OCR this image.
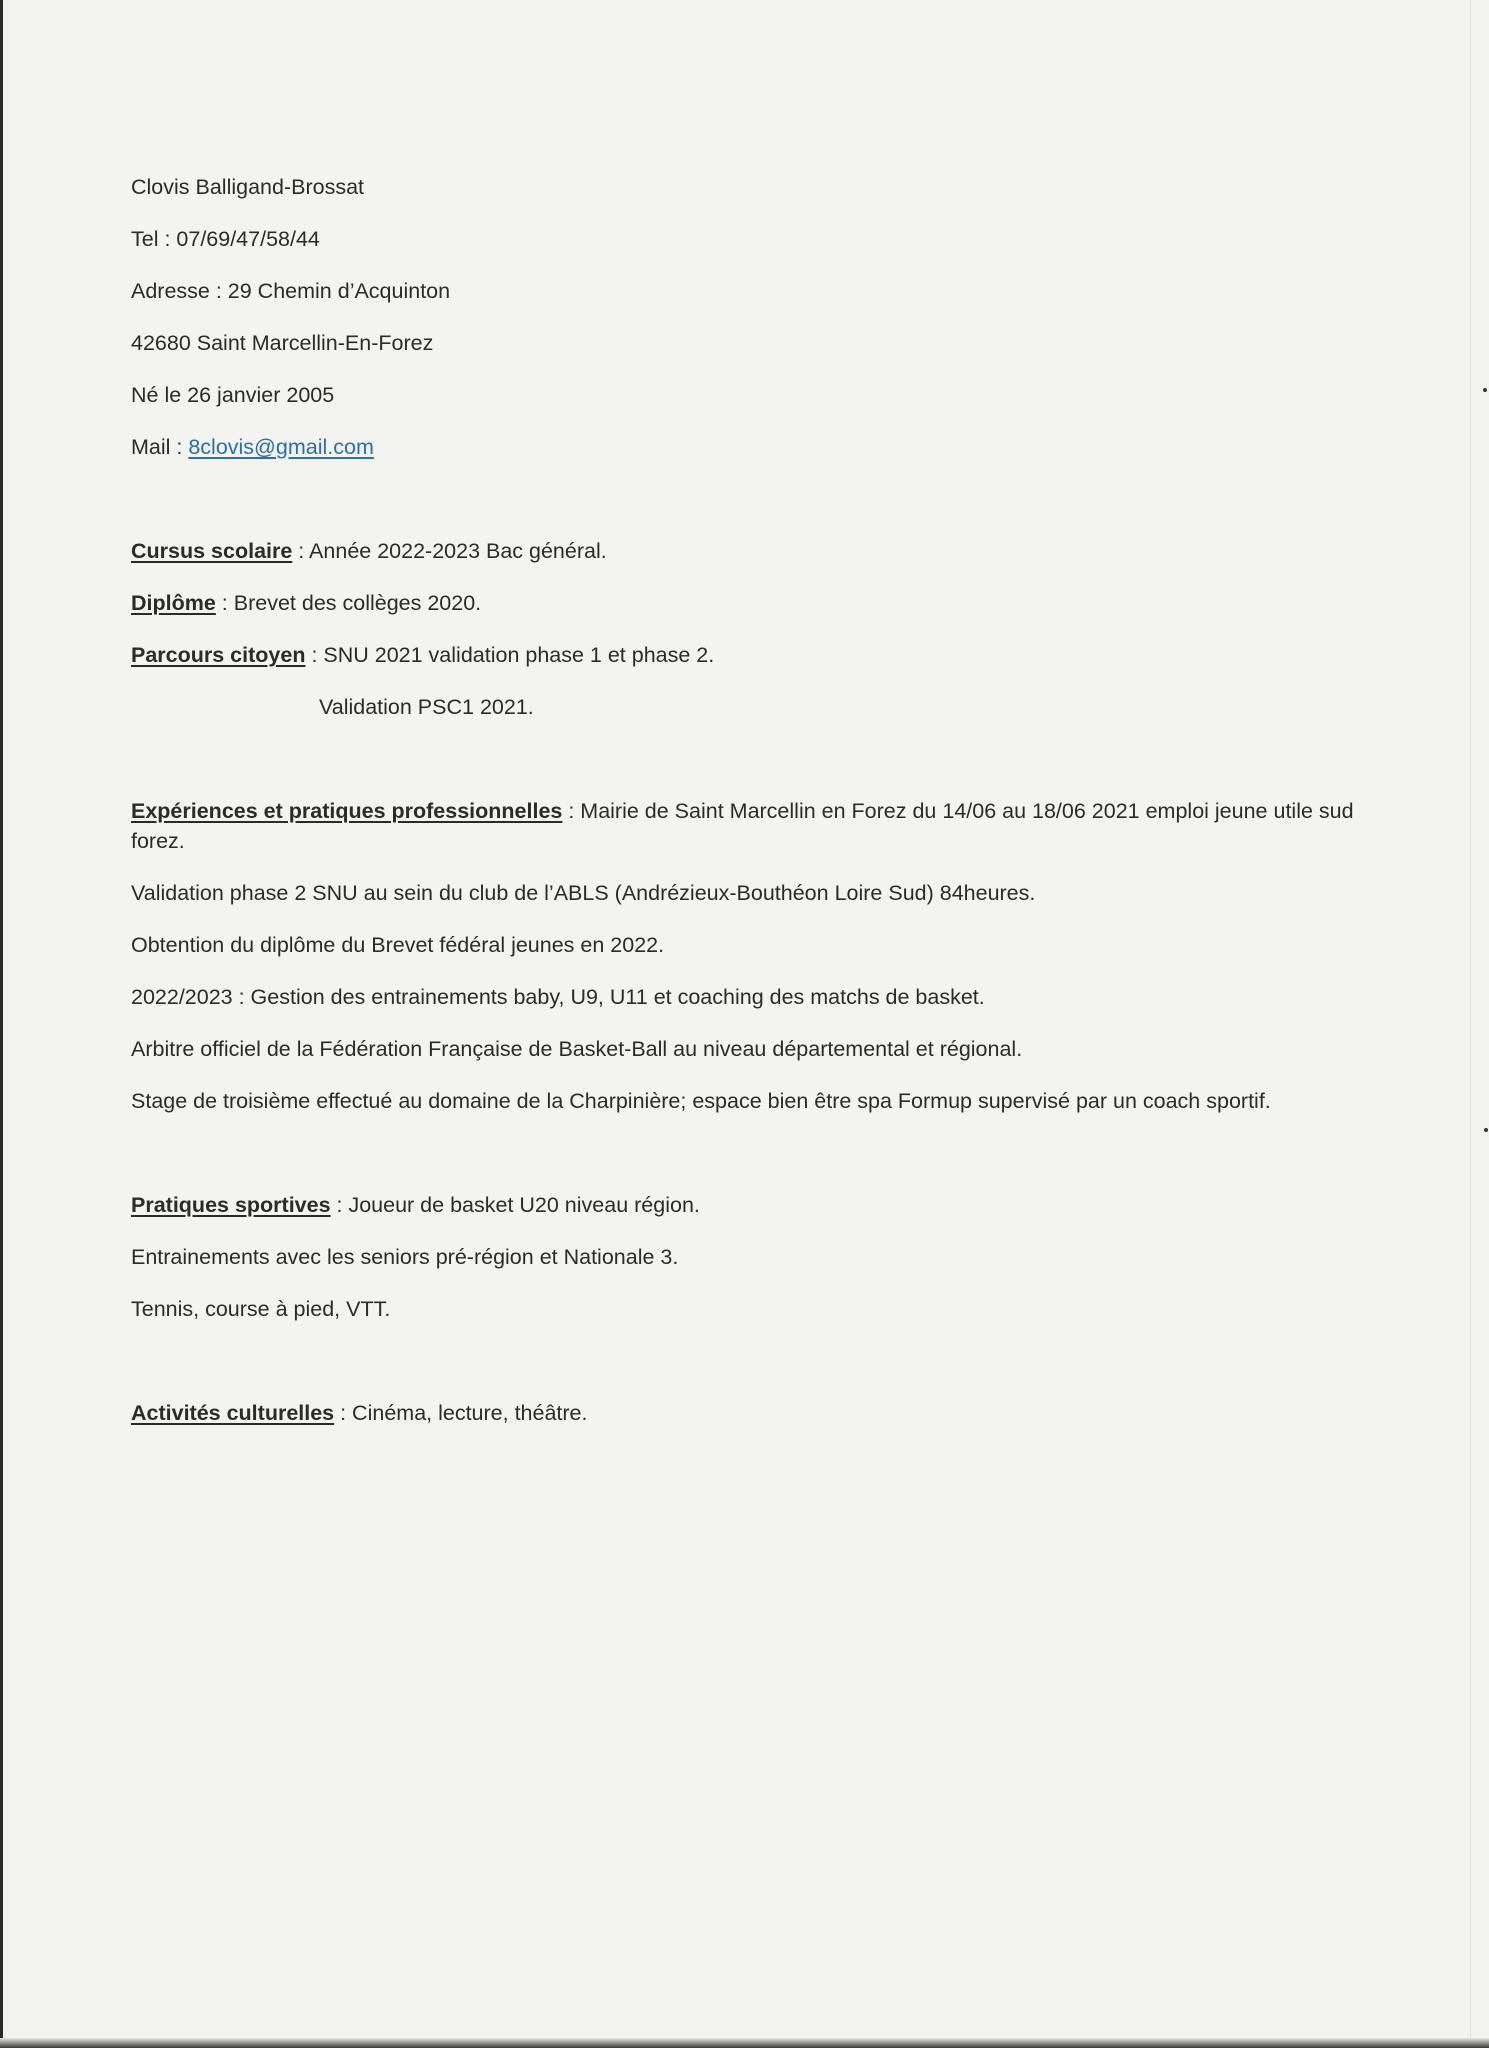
Clovis Balligand-Brossat

Tel : 07/69/47/58/44

Adresse : 29 Chemin d’Acquinton

42680 Saint Marcellin-En-Forez

Né le 26 janvier 2005

Mail : 8clovis@gmail.com

Cursus scolaire : Année 2022-2023 Bac général.

Diplôme : Brevet des collèges 2020.

Parcours citoyen : SNU 2021 validation phase 1 et phase 2.

Validation PSC1 2021.

Expériences et pratiques professionnelles : Mairie de Saint Marcellin en Forez du 14/06 au 18/06 2021 emploi jeune utile sud forez.

Validation phase 2 SNU au sein du club de l’ABLS (Andrézieux-Bouthéon Loire Sud) 84heures.

Obtention du diplôme du Brevet fédéral jeunes en 2022.

2022/2023 : Gestion des entrainements baby, U9, U11 et coaching des matchs de basket.

Arbitre officiel de la Fédération Française de Basket-Ball au niveau départemental et régional.

Stage de troisième effectué au domaine de la Charpinière; espace bien être spa Formup supervisé par un coach sportif.

Pratiques sportives : Joueur de basket U20 niveau région.

Entrainements avec les seniors pré-région et Nationale 3.

Tennis, course à pied, VTT.

Activités culturelles : Cinéma, lecture, théâtre.
